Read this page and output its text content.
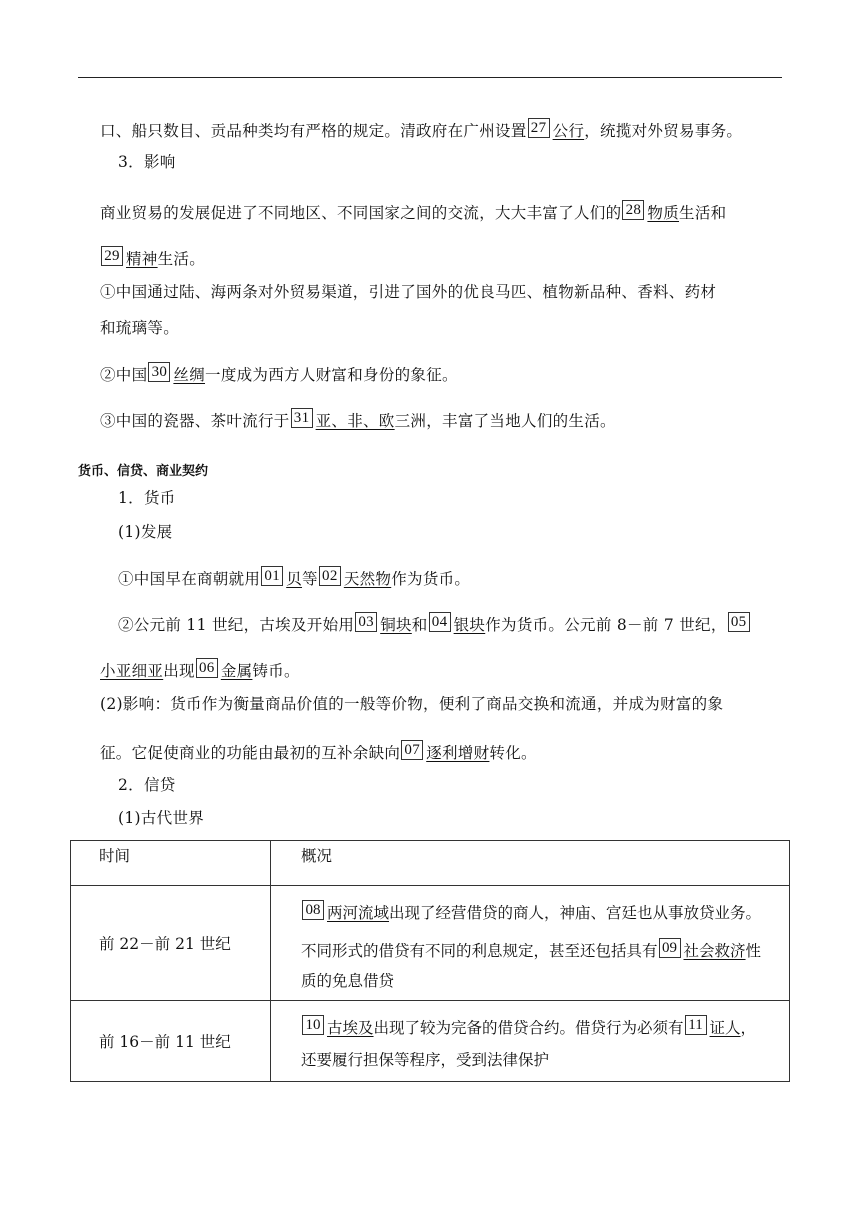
口、船只数目、贡品种类均有严格的规定。清政府在广州设置 27 公行，统揽对外贸易事务。
3．影响
商业贸易的发展促进了不同地区、不同国家之间的交流，大大丰富了人们的 28 物质生活和
29 精神生活。
①中国通过陆、海两条对外贸易渠道，引进了国外的优良马匹、植物新品种、香料、药材
和琉璃等。
②中国 30 丝绸一度成为西方人财富和身份的象征。
③中国的瓷器、茶叶流行于 31 亚、非、欧三洲，丰富了当地人们的生活。
货币、信贷、商业契约
1．货币
(1)发展
①中国早在商朝就用 01 贝等 02 天然物作为货币。
②公元前 11 世纪，古埃及开始用 03 铜块和 04 银块作为货币。公元前 8－前 7 世纪， 05
小亚细亚出现 06 金属铸币。
(2)影响：货币作为衡量商品价值的一般等价物，便利了商品交换和流通，并成为财富的象
征。它促使商业的功能由最初的互补余缺向 07 逐利增财转化。
2．信贷
(1)古代世界
时间	概况
前 22－前 21 世纪	08 两河流域出现了经营借贷的商人，神庙、宫廷也从事放贷业务。
不同形式的借贷有不同的利息规定，甚至还包括具有 09 社会救济性
质的免息借贷

前 16－前 11 世纪	10 古埃及出现了较为完备的借贷合约。借贷行为必须有 11 证人，
还要履行担保等程序，受到法律保护
